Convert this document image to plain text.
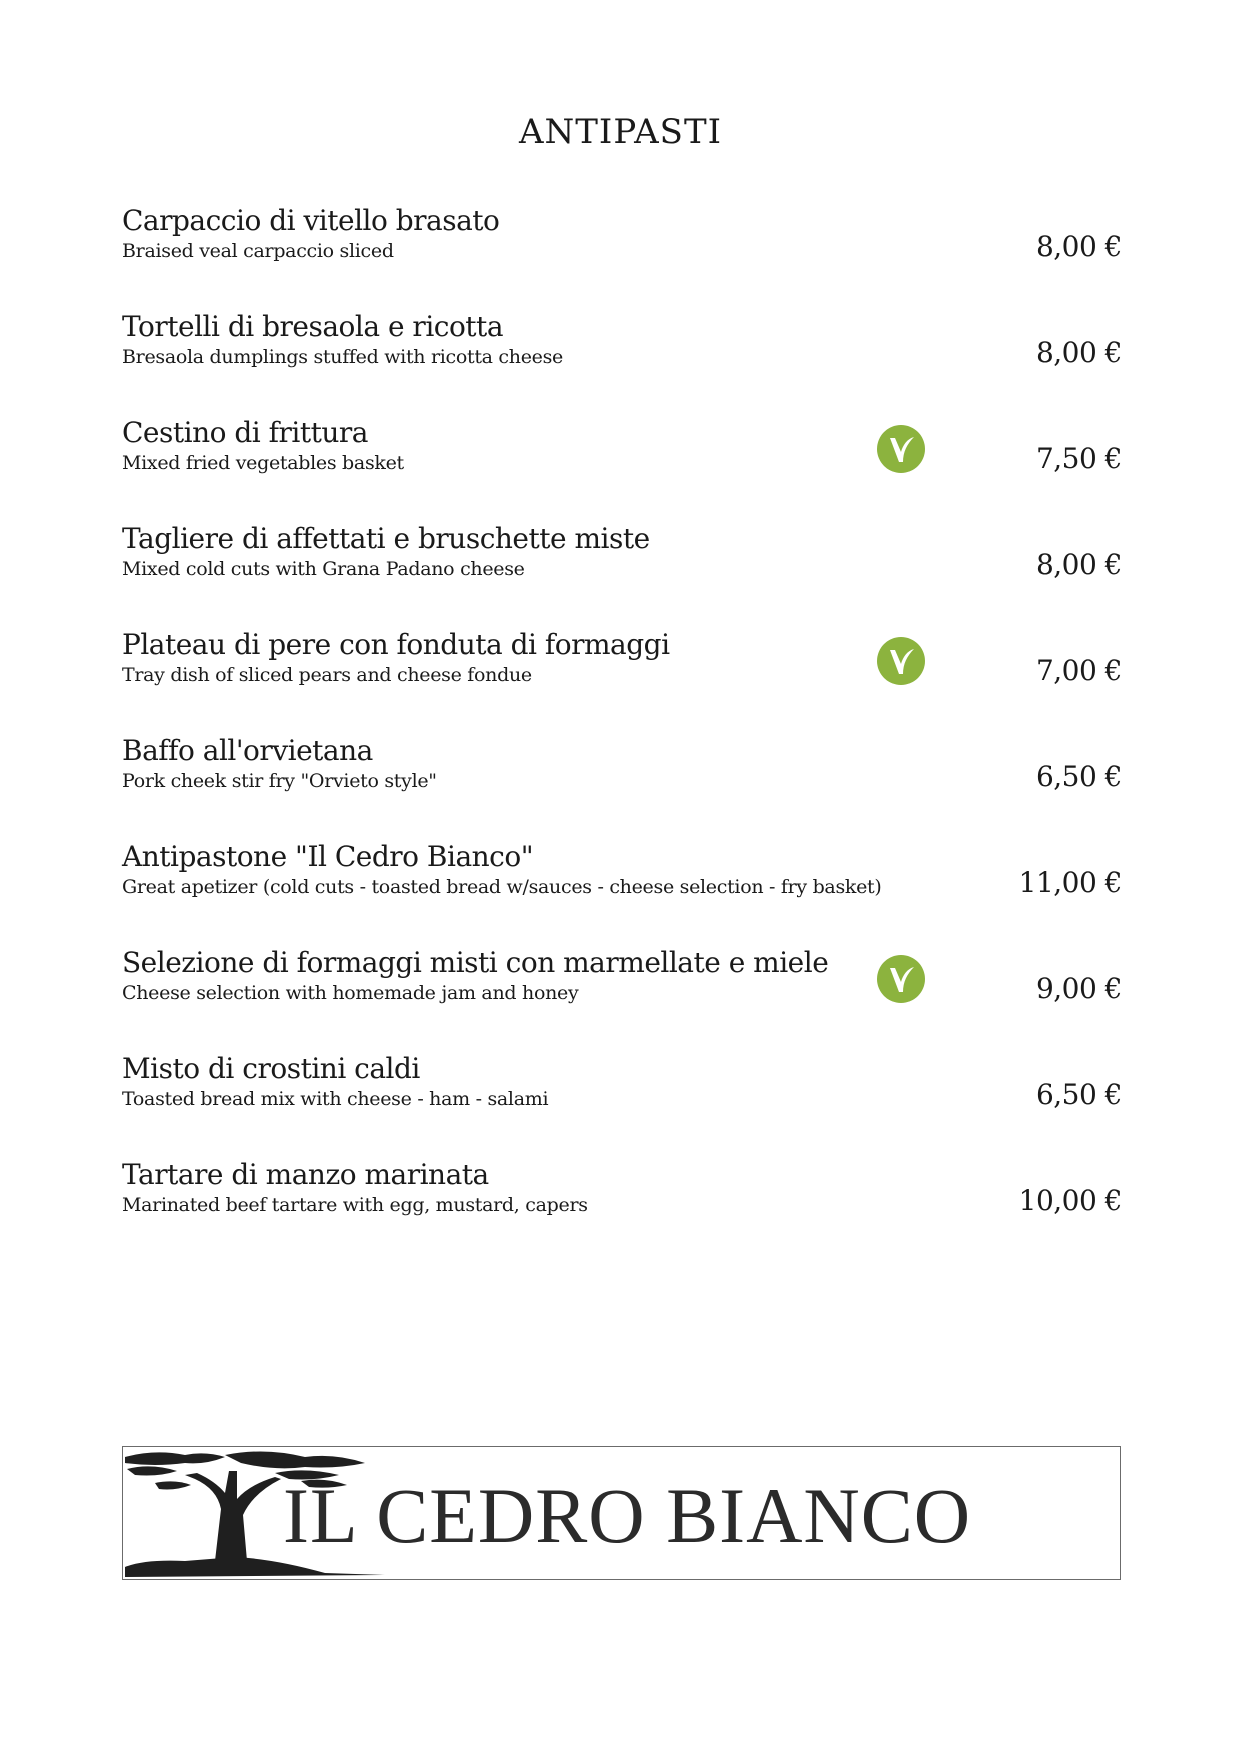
ANTIPASTI
Carpaccio di vitello brasato
Braised veal carpaccio sliced	8,00 €
Tortelli di bresaola e ricotta
Bresaola dumplings stuffed with ricotta cheese	8,00 €
Cestino di frittura
Mixed fried vegetables basket	7,50 €
Tagliere di affettati e bruschette miste
Mixed cold cuts with Grana Padano cheese	8,00 €
Plateau di pere con fonduta di formaggi
Tray dish of sliced pears and cheese fondue	7,00 €
Baffo all'orvietana
Pork cheek stir fry "Orvieto style"	6,50 €
Antipastone "Il Cedro Bianco"
Great apetizer (cold cuts - toasted bread w/sauces - cheese selection - fry basket)	11,00 €
Selezione di formaggi misti con marmellate e miele
Cheese selection with homemade jam and honey	9,00 €
Misto di crostini caldi
Toasted bread mix with cheese - ham - salami	6,50 €
Tartare di manzo marinata
Marinated beef tartare with egg, mustard, capers	10,00 €
IL CEDRO BIANCO
